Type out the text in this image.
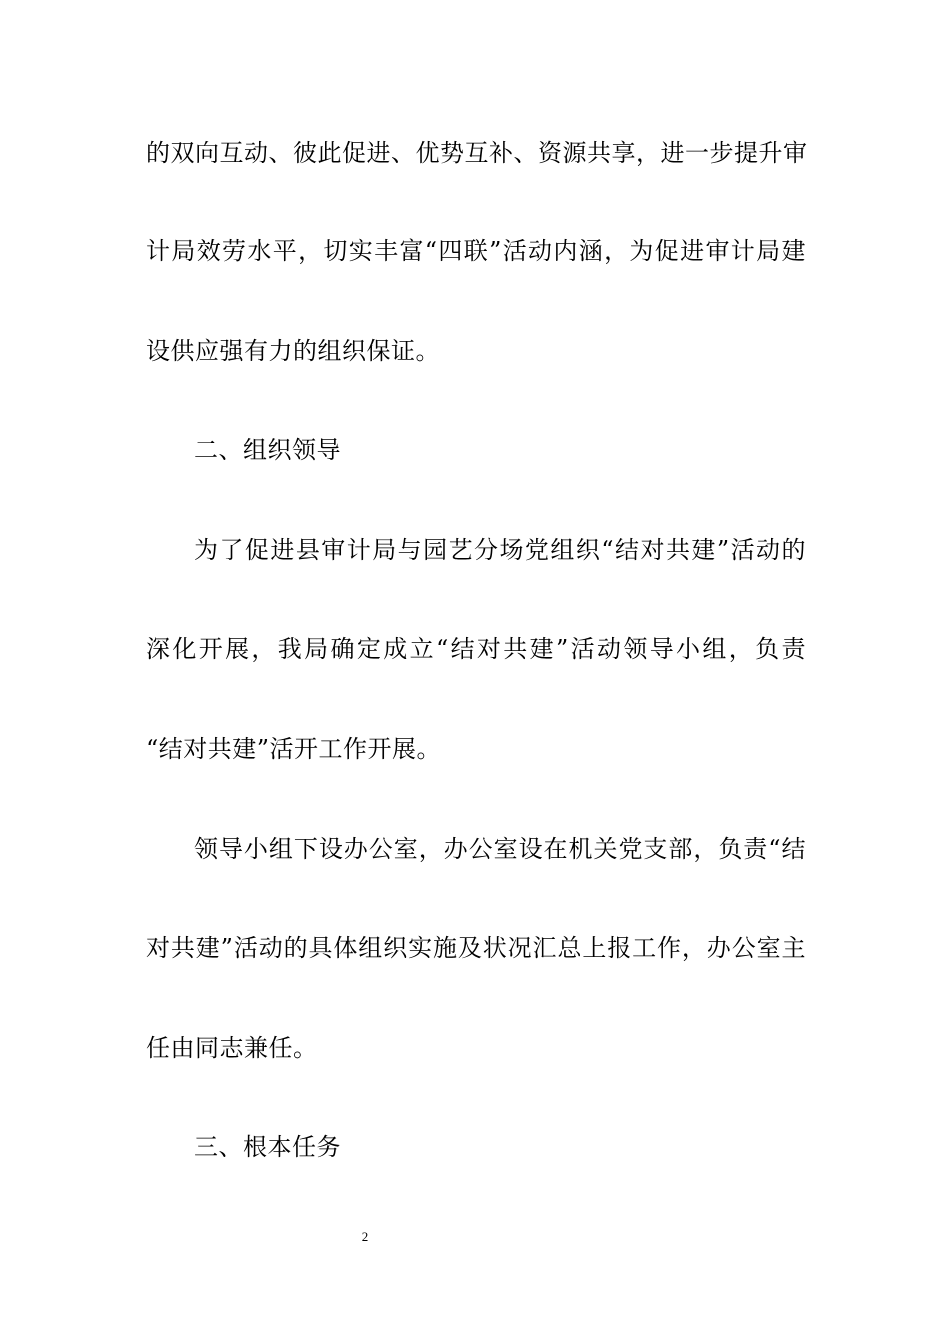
的双向互动、彼此促进、优势互补、资源共享，进一步提升审
计局效劳水平，切实丰富“四联”活动内涵，为促进审计局建
设供应强有力的组织保证。
二、组织领导
为了促进县审计局与园艺分场党组织“结对共建”活动的
深化开展，我局确定成立“结对共建”活动领导小组，负责
“结对共建”活开工作开展。
领导小组下设办公室，办公室设在机关党支部，负责“结
对共建”活动的具体组织实施及状况汇总上报工作，办公室主
任由同志兼任。
三、根本任务
2
